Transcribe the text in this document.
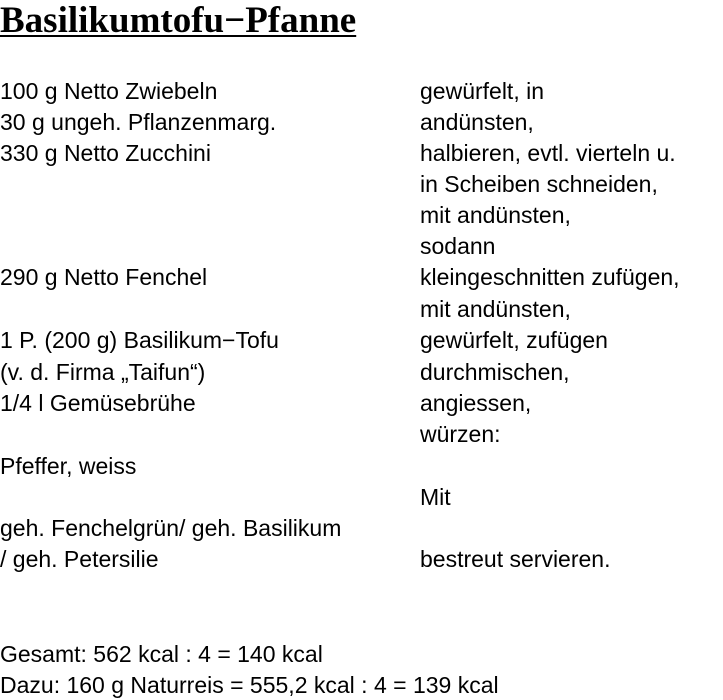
Basilikumtofu−Pfanne
100 g Netto Zwiebeln
30 g ungeh. Pflanzenmarg.
330 g Netto Zucchini
290 g Netto Fenchel
1 P. (200 g) Basilikum−Tofu
(v. d. Firma „Taifun“)
1/4 l Gemüsebrühe
Pfeffer, weiss
geh. Fenchelgrün/ geh. Basilikum
/ geh. Petersilie
gewürfelt, in
andünsten,
halbieren, evtl. vierteln u.
in Scheiben schneiden,
mit andünsten,
sodann
kleingeschnitten zufügen,
mit andünsten,
gewürfelt, zufügen
durchmischen,
angiessen,
würzen:
Mit
bestreut servieren.
Gesamt: 562 kcal : 4 = 140 kcal
Dazu: 160 g Naturreis = 555,2 kcal : 4 = 139 kcal
